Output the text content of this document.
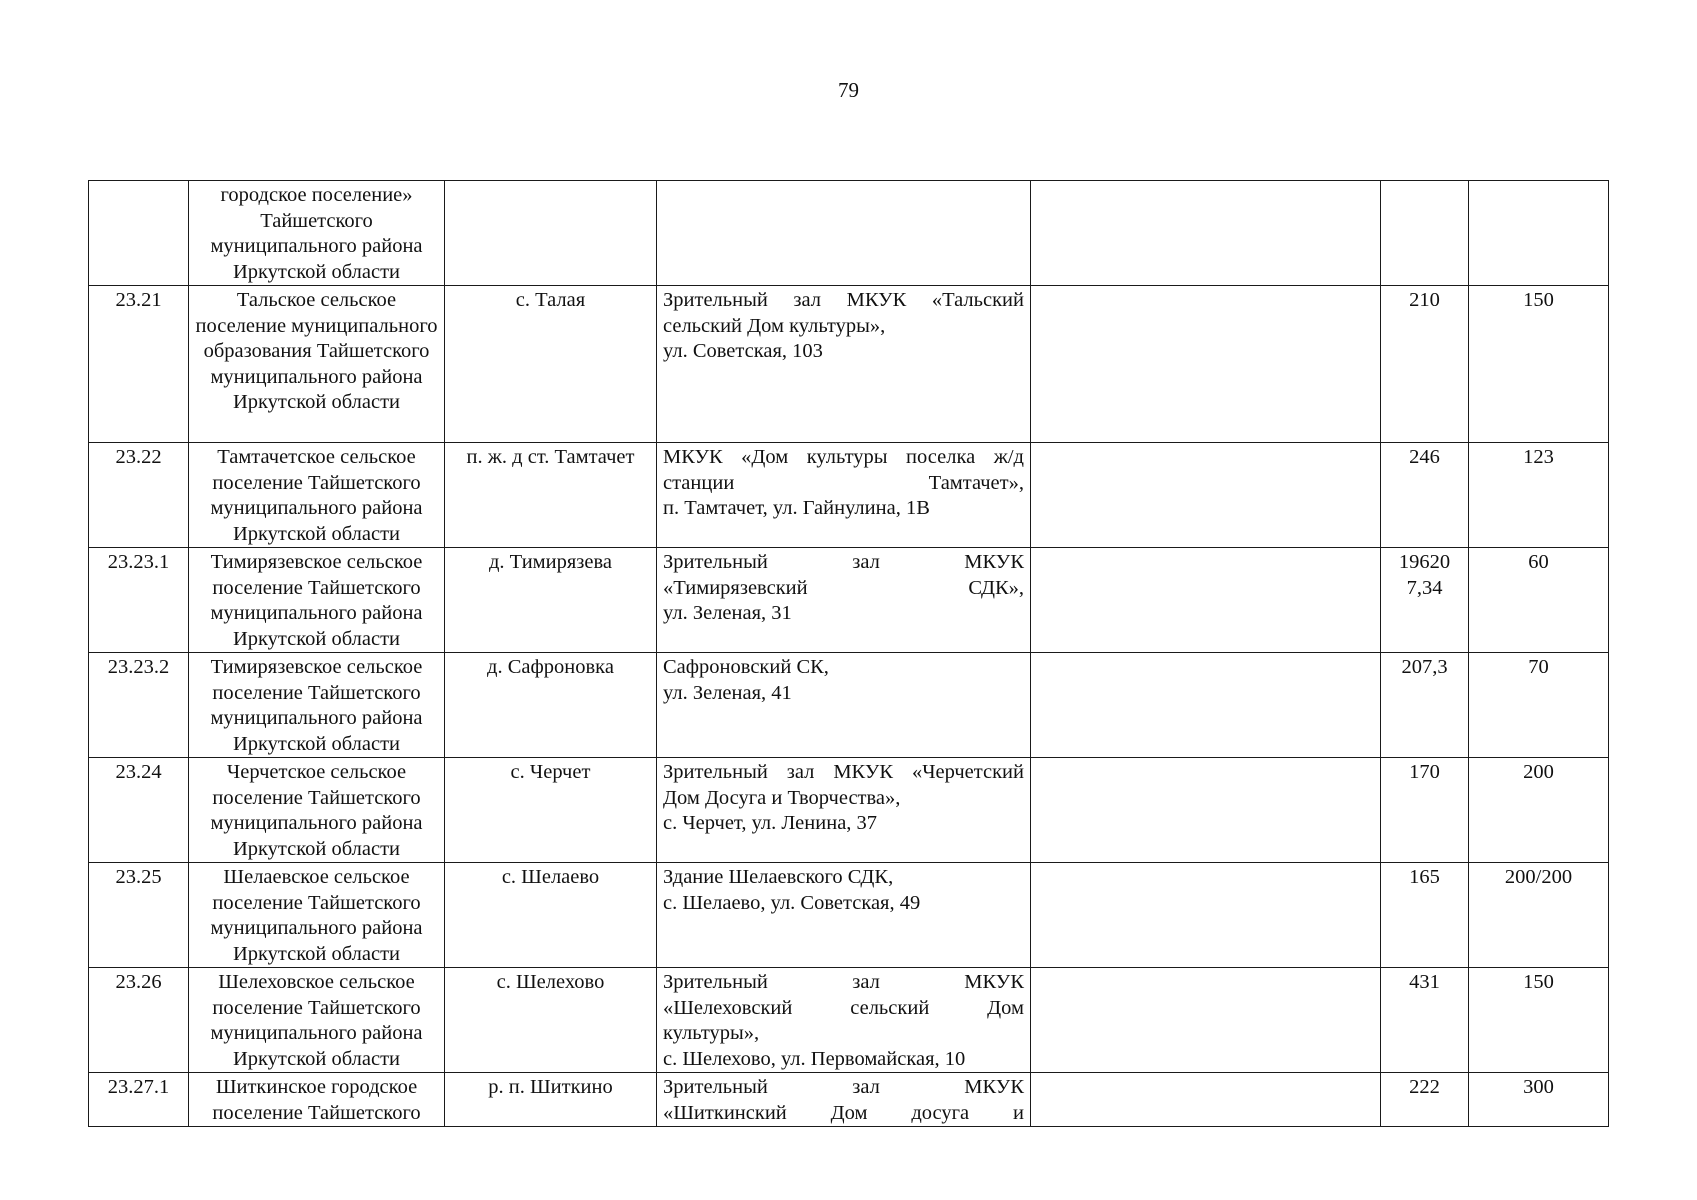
79
	городское поселение» Тайшетского муниципального района Иркутской области					
23.21	Тальское сельское поселение муниципального образования Тайшетского муниципального района Иркутской области	с. Талая	Зрительный зал МКУК «Тальский
сельский Дом культуры»,
ул. Советская, 103		210	150
23.22	Тамтачетское сельское поселение Тайшетского муниципального района Иркутской области	п. ж. д ст. Тамтачет	МКУК «Дом культуры поселка ж/д
станции Тамтачет»,
п. Тамтачет, ул. Гайнулина, 1В		246	123
23.23.1	Тимирязевское сельское поселение Тайшетского муниципального района Иркутской области	д. Тимирязева	Зрительный зал МКУК
«Тимирязевский СДК»,
ул. Зеленая, 31		19620 7,34	60
23.23.2	Тимирязевское сельское поселение Тайшетского муниципального района Иркутской области	д. Сафроновка	Сафроновский СК,
ул. Зеленая, 41		207,3	70
23.24	Черчетское сельское поселение Тайшетского муниципального района Иркутской области	с. Черчет	Зрительный зал МКУК «Черчетский
Дом Досуга и Творчества»,
с. Черчет, ул. Ленина, 37		170	200
23.25	Шелаевское сельское поселение Тайшетского муниципального района Иркутской области	с. Шелаево	Здание Шелаевского СДК,
с. Шелаево, ул. Советская, 49		165	200/200
23.26	Шелеховское сельское поселение Тайшетского муниципального района Иркутской области	с. Шелехово	Зрительный зал МКУК
«Шелеховский сельский Дом
культуры»,
с. Шелехово, ул. Первомайская, 10		431	150
23.27.1	Шиткинское городское поселение Тайшетского	р. п. Шиткино	Зрительный зал МКУК
«Шиткинский Дом досуга и		222	300
